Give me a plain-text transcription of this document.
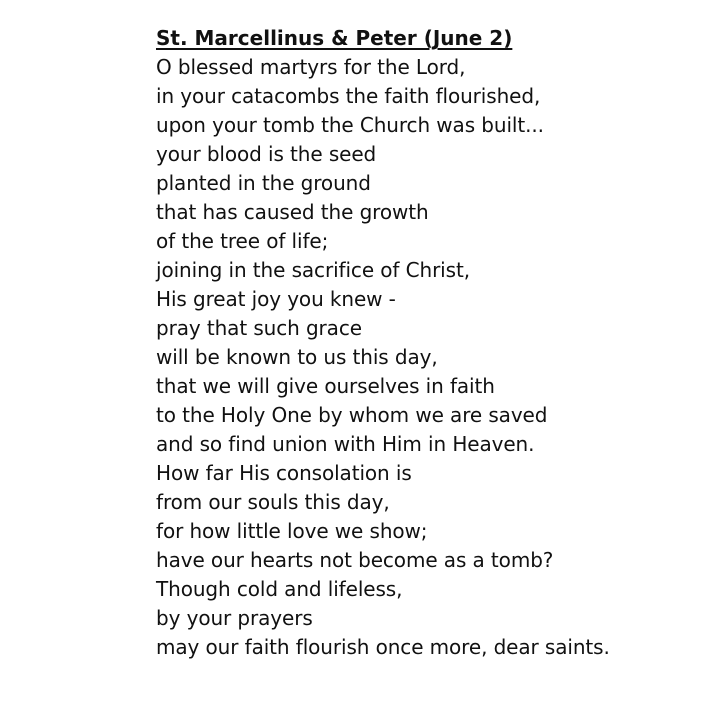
St. Marcellinus & Peter (June 2)

O blessed martyrs for the Lord,

in your catacombs the faith flourished,

upon your tomb the Church was built...

your blood is the seed

planted in the ground

that has caused the growth

of the tree of life;

joining in the sacrifice of Christ,

His great joy you knew -

pray that such grace

will be known to us this day,

that we will give ourselves in faith

to the Holy One by whom we are saved

and so find union with Him in Heaven.

How far His consolation is

from our souls this day,

for how little love we show;

have our hearts not become as a tomb?

Though cold and lifeless,

by your prayers

may our faith flourish once more, dear saints.
